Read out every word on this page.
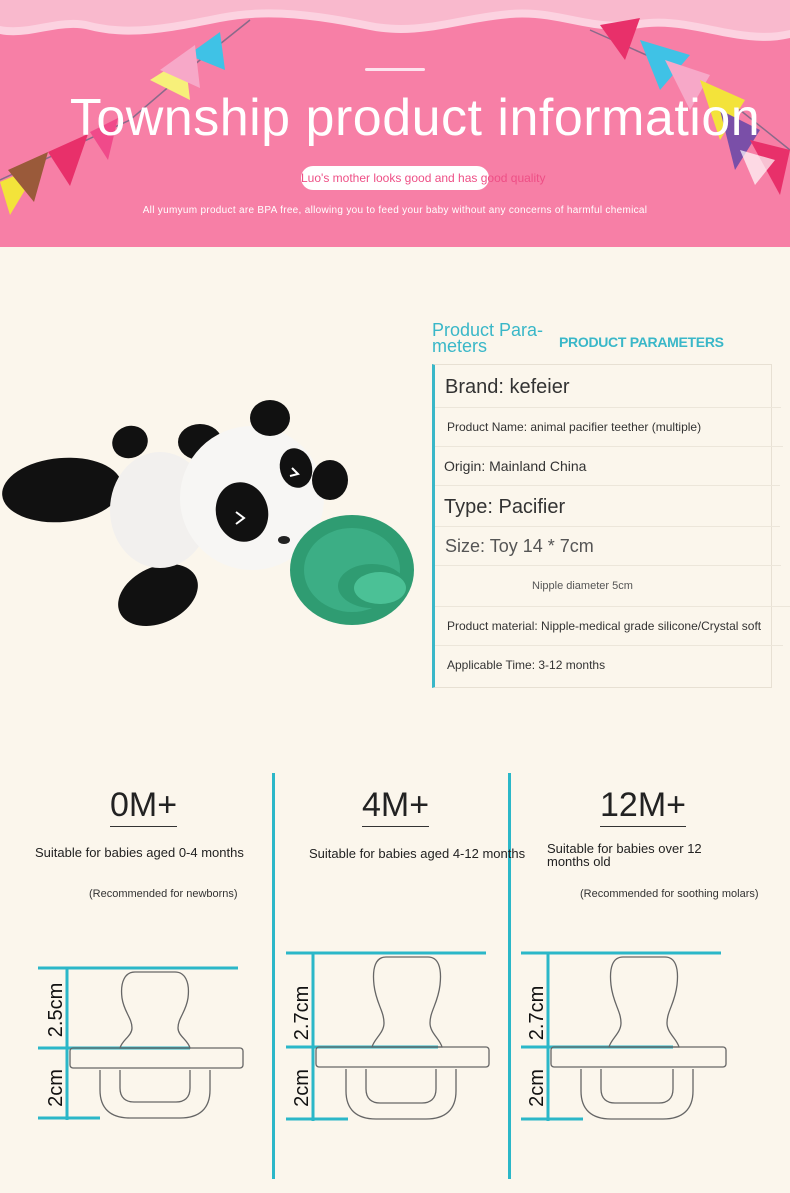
Township product information
Luo's mother looks good and has good quality
All yumyum product are BPA free, allowing you to feed your baby without any concerns of harmful chemical
Product Para-meters	PRODUCT PARAMETERS
Brand: kefeier
Product Name: animal pacifier teether (multiple)
Origin: Mainland China
Type: Pacifier
Size: Toy 14 * 7cm
Nipple diameter 5cm
Product material: Nipple-medical grade silicone/Crystal soft
Applicable Time: 3-12 months
0M+
Suitable for babies aged 0-4 months
(Recommended for newborns)
4M+
Suitable for babies aged 4-12 months
12M+
Suitable for babies over 12 months old
(Recommended for soothing molars)
2.5cm
2cm
2.7cm
2cm
2.7cm
2cm
